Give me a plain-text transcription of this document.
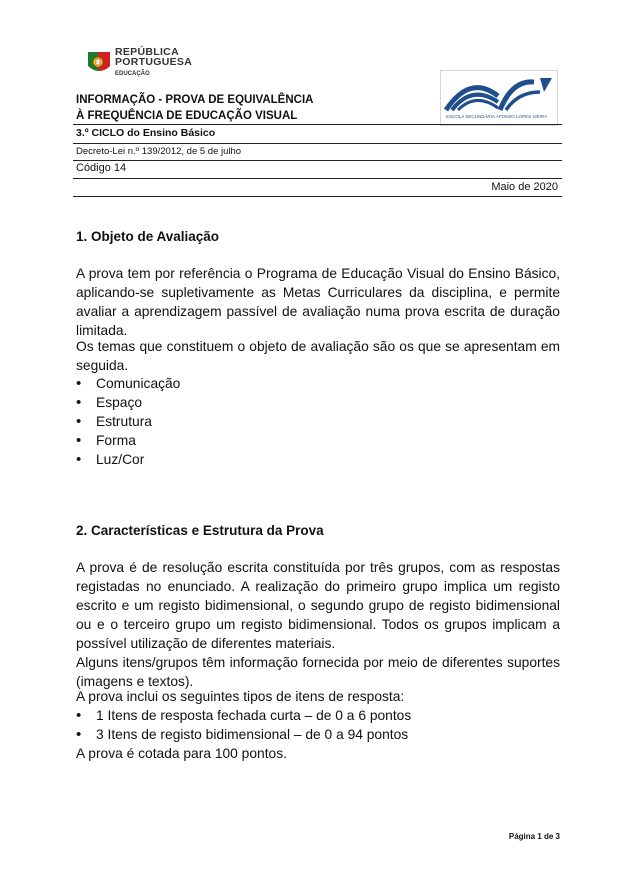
REPÚBLICA
PORTUGUESA
EDUCAÇÃO
INFORMAÇÃO - PROVA DE EQUIVALÊNCIA
À FREQUÊNCIA DE EDUCAÇÃO VISUAL	ESCOLA SECUNDÁRIA AFONSO LOPES VIEIRA
3.º CICLO do Ensino Básico
Decreto-Lei n.º 139/2012, de 5 de julho
Código 14
Maio de 2020
1. Objeto de Avaliação
A prova tem por referência o Programa de Educação Visual do Ensino Básico, aplicando-se supletivamente as Metas Curriculares da disciplina, e permite avaliar a aprendizagem passível de avaliação numa prova escrita de duração limitada.
Os temas que constituem o objeto de avaliação são os que se apresentam em seguida.
• Comunicação
• Espaço
• Estrutura
• Forma
• Luz/Cor
2. Características e Estrutura da Prova
A prova é de resolução escrita constituída por três grupos, com as respostas registadas no enunciado. A realização do primeiro grupo implica um registo escrito e um registo bidimensional, o segundo grupo de registo bidimensional ou e o terceiro grupo um registo bidimensional. Todos os grupos implicam a possível utilização de diferentes materiais.
Alguns itens/grupos têm informação fornecida por meio de diferentes suportes (imagens e textos).
A prova inclui os seguintes tipos de itens de resposta:
• 1 Itens de resposta fechada curta – de 0 a 6 pontos
• 3 Itens de registo bidimensional – de 0 a 94 pontos
A prova é cotada para 100 pontos.
Página 1 de 3
